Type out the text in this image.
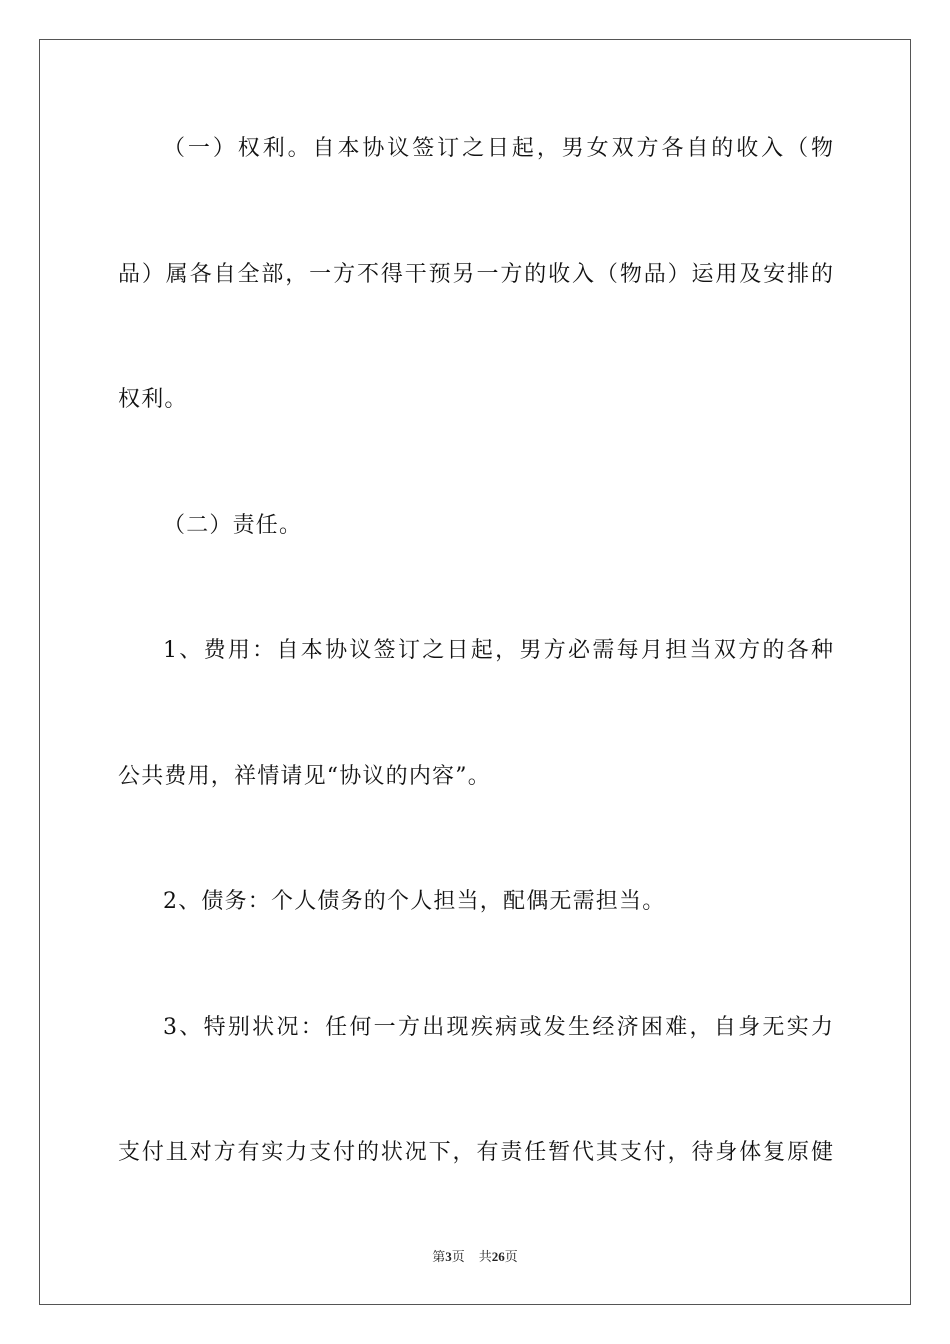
（一）权利。自本协议签订之日起，男女双方各自的收入（物
品）属各自全部，一方不得干预另一方的收入（物品）运用及安排的
权利。
（二）责任。
1、费用：自本协议签订之日起，男方必需每月担当双方的各种
公共费用，祥情请见“协议的内容”。
2、债务：个人债务的个人担当，配偶无需担当。
3、特别状况：任何一方出现疾病或发生经济困难，自身无实力
支付且对方有实力支付的状况下，有责任暂代其支付，待身体复原健
第3页 共26页
